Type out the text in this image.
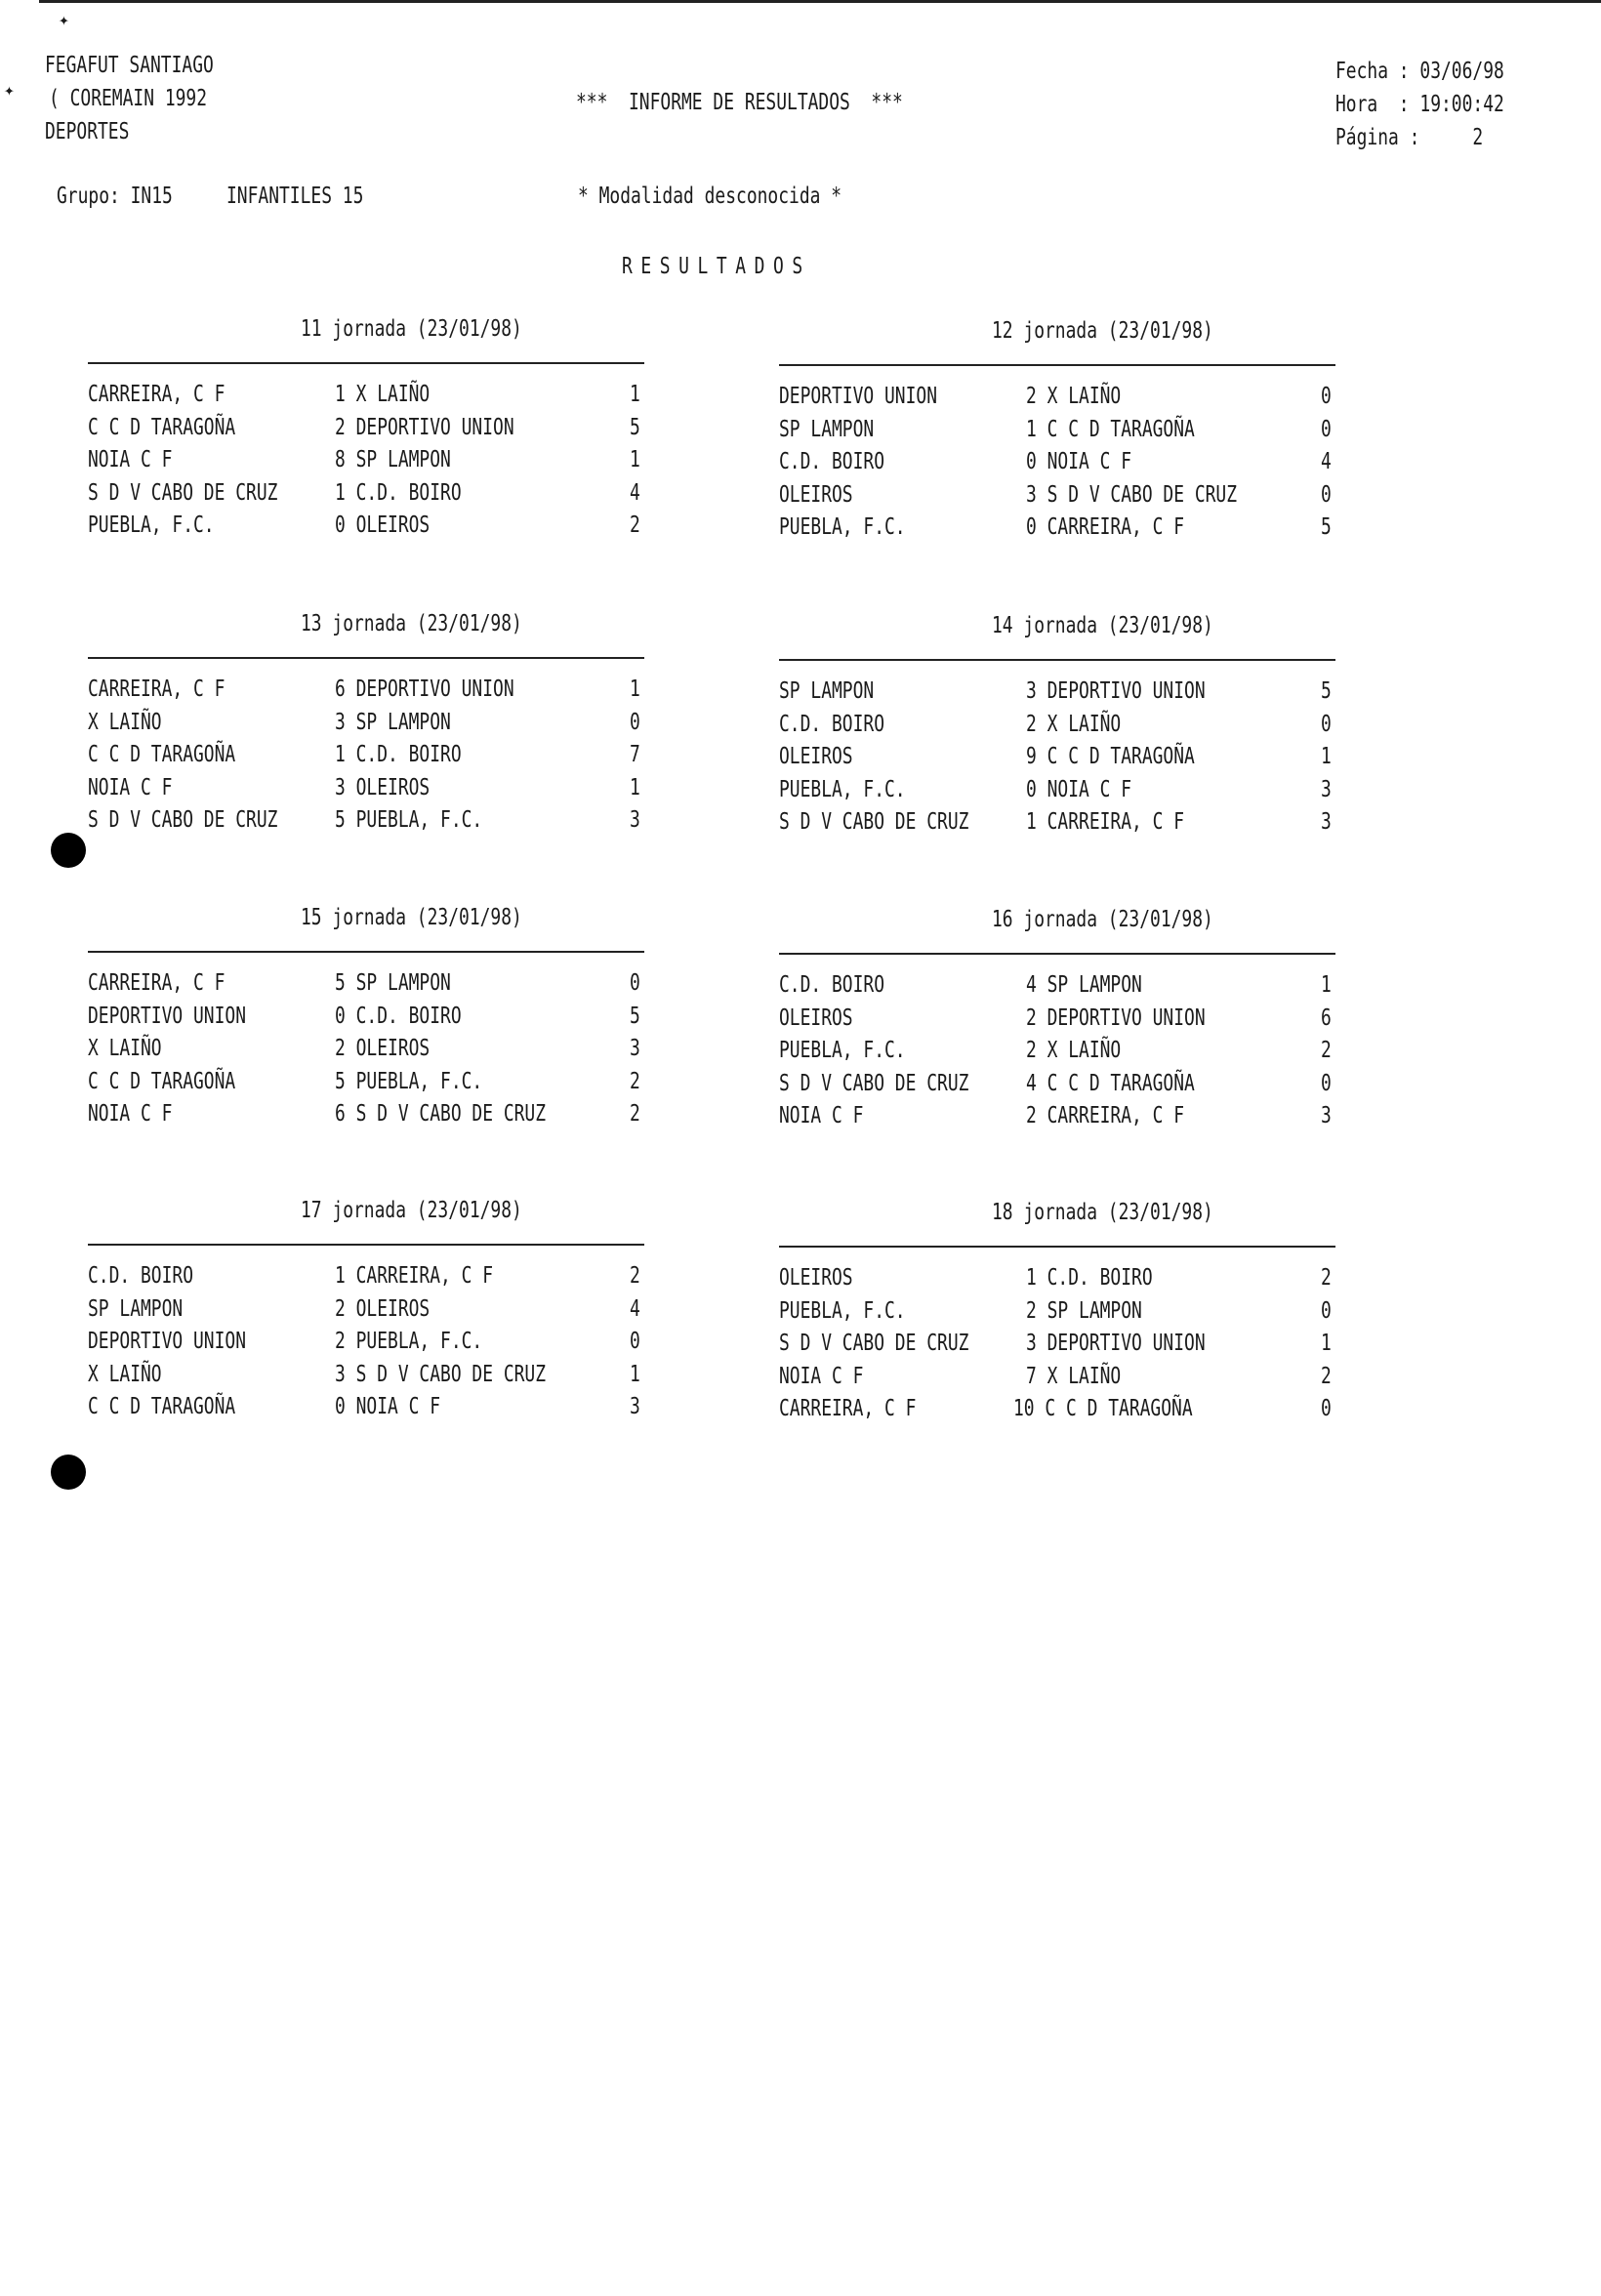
✦
✦
FEGAFUT SANTIAGO
( COREMAIN 1992
DEPORTES
***  INFORME DE RESULTADOS  ***
Fecha : 03/06/98
Hora  : 19:00:42
Página :     2
Grupo: IN15 INFANTILES 15	* Modalidad desconocida *
RESULTADOS
11 jornada (23/01/98)
CARREIRA, C F	1 X LAIÑO	1
C C D TARAGOÑA	2 DEPORTIVO UNION	5
NOIA C F	8 SP LAMPON	1
S D V CABO DE CRUZ	1 C.D. BOIRO	4
PUEBLA, F.C.	0 OLEIROS	2
12 jornada (23/01/98)
DEPORTIVO UNION	2 X LAIÑO	0
SP LAMPON	1 C C D TARAGOÑA	0
C.D. BOIRO	0 NOIA C F	4
OLEIROS	3 S D V CABO DE CRUZ	0
PUEBLA, F.C.	0 CARREIRA, C F	5
13 jornada (23/01/98)
CARREIRA, C F	6 DEPORTIVO UNION	1
X LAIÑO	3 SP LAMPON	0
C C D TARAGOÑA	1 C.D. BOIRO	7
NOIA C F	3 OLEIROS	1
S D V CABO DE CRUZ	5 PUEBLA, F.C.	3
14 jornada (23/01/98)
SP LAMPON	3 DEPORTIVO UNION	5
C.D. BOIRO	2 X LAIÑO	0
OLEIROS	9 C C D TARAGOÑA	1
PUEBLA, F.C.	0 NOIA C F	3
S D V CABO DE CRUZ	1 CARREIRA, C F	3
15 jornada (23/01/98)
CARREIRA, C F	5 SP LAMPON	0
DEPORTIVO UNION	0 C.D. BOIRO	5
X LAIÑO	2 OLEIROS	3
C C D TARAGOÑA	5 PUEBLA, F.C.	2
NOIA C F	6 S D V CABO DE CRUZ	2
16 jornada (23/01/98)
C.D. BOIRO	4 SP LAMPON	1
OLEIROS	2 DEPORTIVO UNION	6
PUEBLA, F.C.	2 X LAIÑO	2
S D V CABO DE CRUZ	4 C C D TARAGOÑA	0
NOIA C F	2 CARREIRA, C F	3
17 jornada (23/01/98)
C.D. BOIRO	1 CARREIRA, C F	2
SP LAMPON	2 OLEIROS	4
DEPORTIVO UNION	2 PUEBLA, F.C.	0
X LAIÑO	3 S D V CABO DE CRUZ	1
C C D TARAGOÑA	0 NOIA C F	3
18 jornada (23/01/98)
OLEIROS	1 C.D. BOIRO	2
PUEBLA, F.C.	2 SP LAMPON	0
S D V CABO DE CRUZ	3 DEPORTIVO UNION	1
NOIA C F	7 X LAIÑO	2
CARREIRA, C F	10 C C D TARAGOÑA	0
